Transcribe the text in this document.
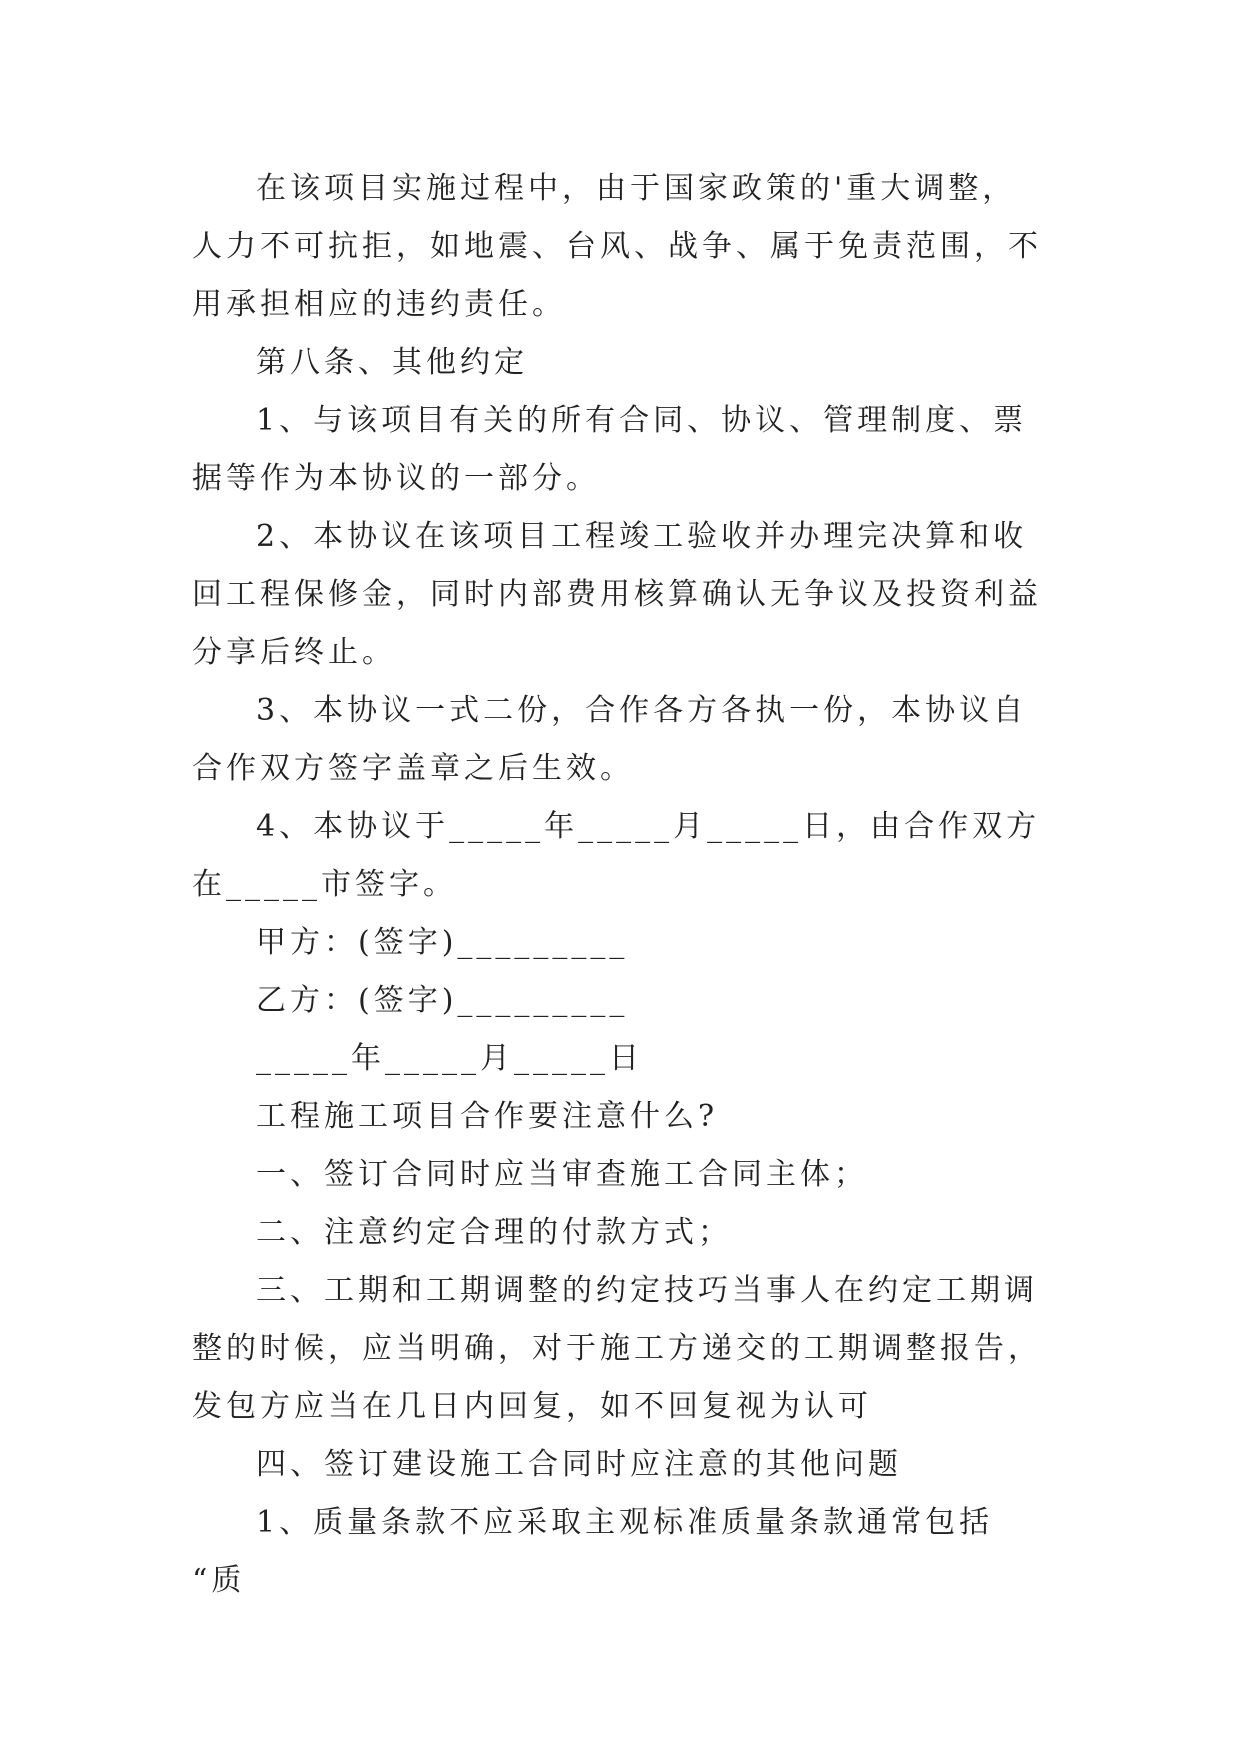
在该项目实施过程中，由于国家政策的'重大调整，人力不可抗拒，如地震、台风、战争、属于免责范围，不用承担相应的违约责任。

第八条、其他约定

1、与该项目有关的所有合同、协议、管理制度、票据等作为本协议的一部分。

2、本协议在该项目工程竣工验收并办理完决算和收回工程保修金，同时内部费用核算确认无争议及投资利益分享后终止。

3、本协议一式二份，合作各方各执一份，本协议自合作双方签字盖章之后生效。

4、本协议于_____年_____月_____日，由合作双方在_____市签字。

甲方：(签字)_________

乙方：(签字)_________

_____年_____月_____日

工程施工项目合作要注意什么?

一、签订合同时应当审查施工合同主体；

二、注意约定合理的付款方式；

三、工期和工期调整的约定技巧当事人在约定工期调整的时候，应当明确，对于施工方递交的工期调整报告，发包方应当在几日内回复，如不回复视为认可

四、签订建设施工合同时应注意的其他问题

1、质量条款不应采取主观标准质量条款通常包括 “质
